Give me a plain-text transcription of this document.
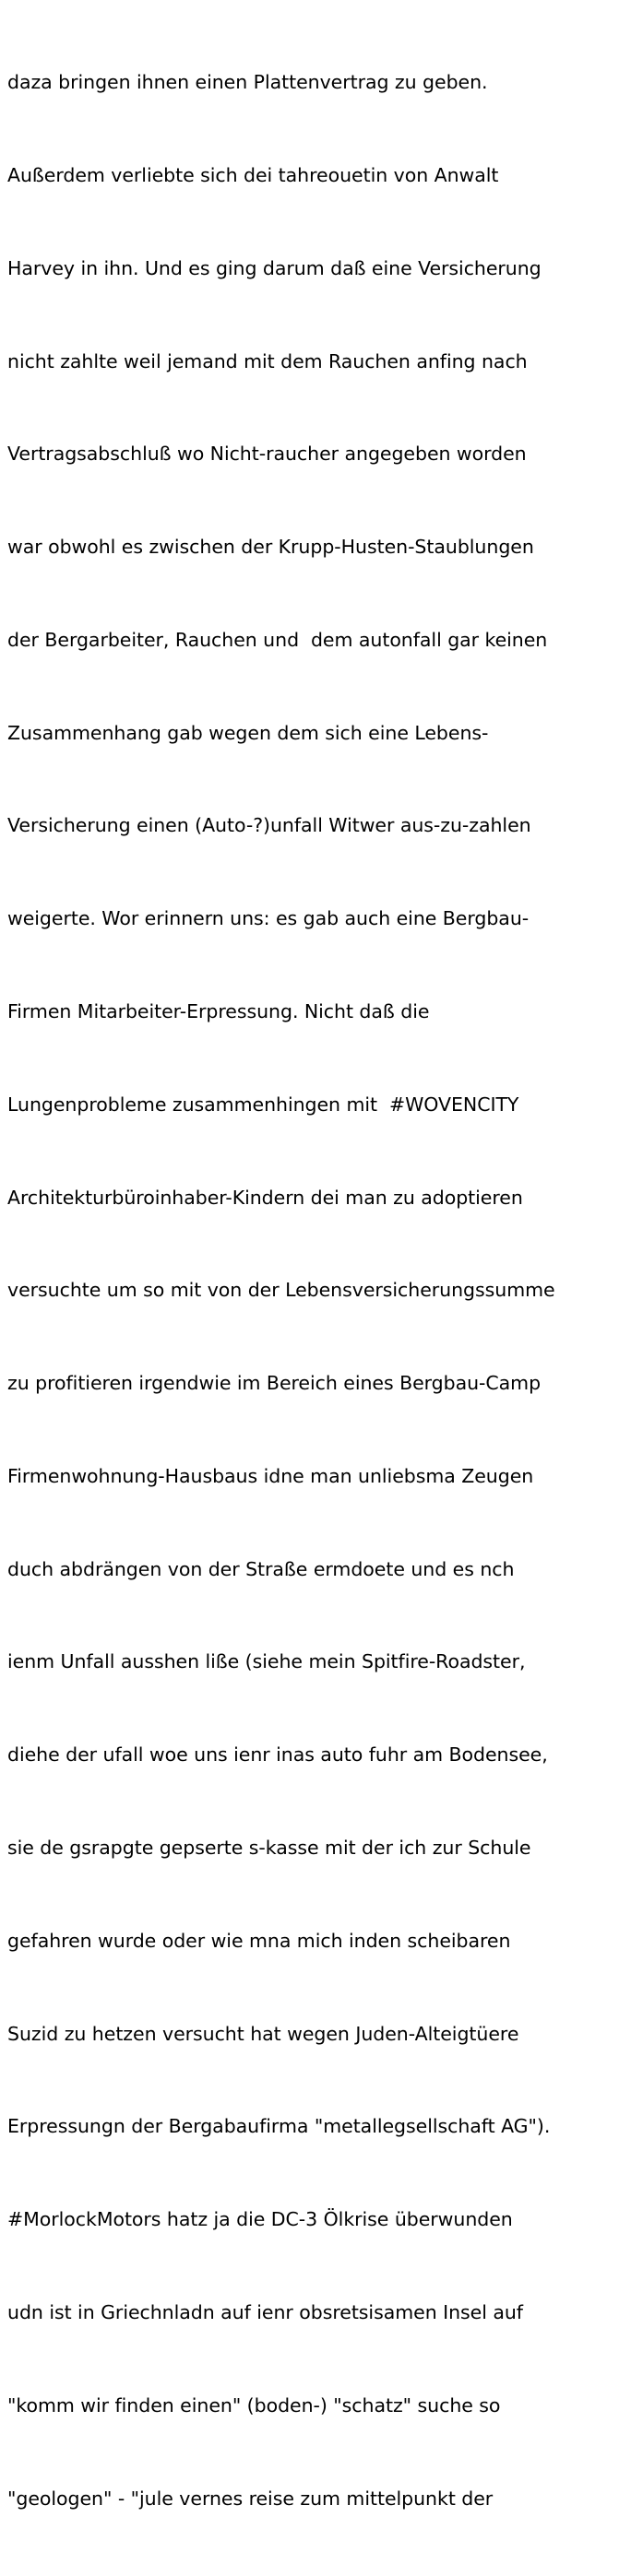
daza bringen ihnen einen Plattenvertrag zu geben.

Außerdem verliebte sich dei tahreouetin von Anwalt

Harvey in ihn. Und es ging darum daß eine Versicherung

nicht zahlte weil jemand mit dem Rauchen anfing nach

Vertragsabschluß wo Nicht-raucher angegeben worden

war obwohl es zwischen der Krupp-Husten-Staublungen

der Bergarbeiter, Rauchen und  dem autonfall gar keinen

Zusammenhang gab wegen dem sich eine Lebens-

Versicherung einen (Auto-?)unfall Witwer aus-zu-zahlen

weigerte. Wor erinnern uns: es gab auch eine Bergbau-

Firmen Mitarbeiter-Erpressung. Nicht daß die

Lungenprobleme zusammenhingen mit  #WOVENCITY

Architekturbüroinhaber-Kindern dei man zu adoptieren

versuchte um so mit von der Lebensversicherungssumme

zu profitieren irgendwie im Bereich eines Bergbau-Camp

Firmenwohnung-Hausbaus idne man unliebsma Zeugen

duch abdrängen von der Straße ermdoete und es nch

ienm Unfall ausshen liße (siehe mein Spitfire-Roadster,

diehe der ufall woe uns ienr inas auto fuhr am Bodensee,

sie de gsrapgte gepserte s-kasse mit der ich zur Schule

gefahren wurde oder wie mna mich inden scheibaren

Suzid zu hetzen versucht hat wegen Juden-Alteigtüere

Erpressungn der Bergabaufirma "metallegsellschaft AG").

#MorlockMotors hatz ja die DC-3 Ölkrise überwunden

udn ist in Griechnladn auf ienr obsretsisamen Insel auf

"komm wir finden einen" (boden-) "schatz" suche so

"geologen" - "jule vernes reise zum mittelpunkt der
